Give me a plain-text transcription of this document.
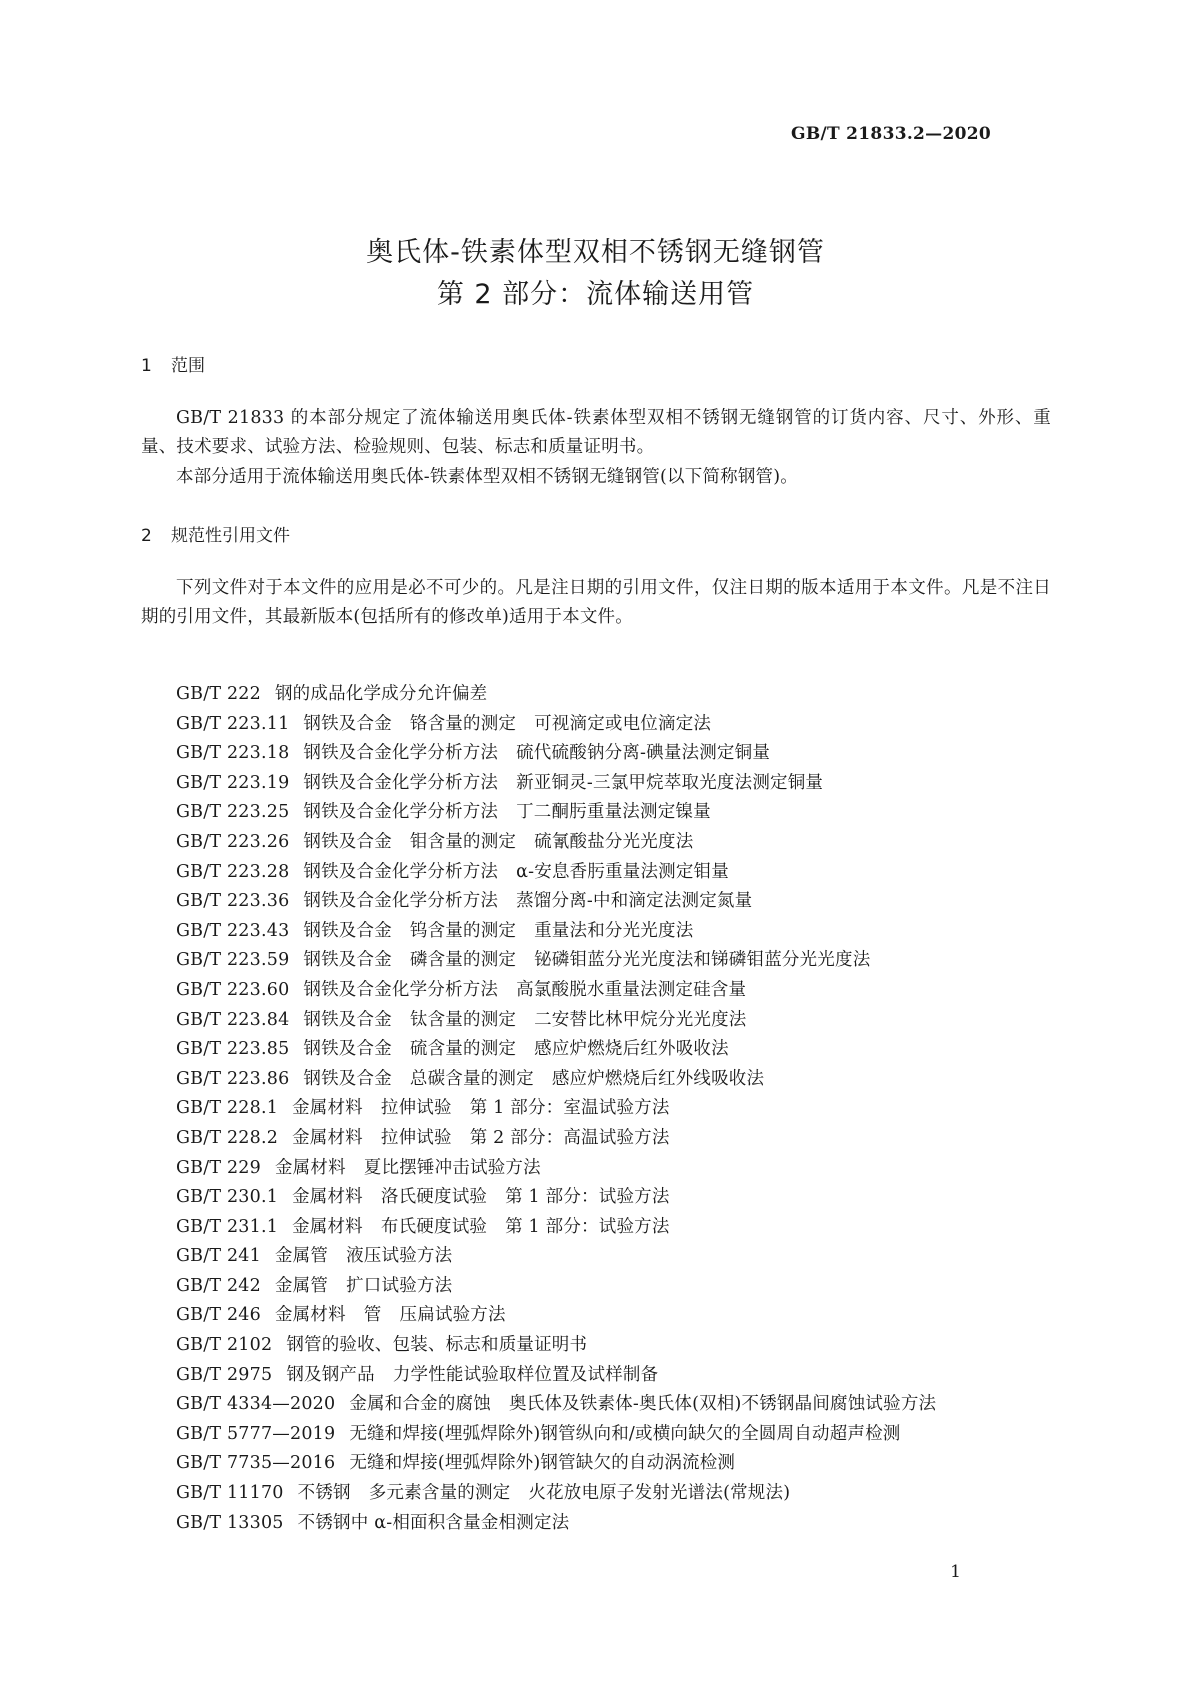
GB/T 21833.2—2020
奥氏体-铁素体型双相不锈钢无缝钢管
第 2 部分：流体输送用管
1 范围

GB/T 21833 的本部分规定了流体输送用奥氏体-铁素体型双相不锈钢无缝钢管的订货内容、尺寸、外形、重量、技术要求、试验方法、检验规则、包装、标志和质量证明书。

本部分适用于流体输送用奥氏体-铁素体型双相不锈钢无缝钢管(以下简称钢管)。

2 规范性引用文件

下列文件对于本文件的应用是必不可少的。凡是注日期的引用文件，仅注日期的版本适用于本文件。凡是不注日期的引用文件，其最新版本(包括所有的修改单)适用于本文件。

GB/T 222 钢的成品化学成分允许偏差
GB/T 223.11 钢铁及合金 铬含量的测定 可视滴定或电位滴定法
GB/T 223.18 钢铁及合金化学分析方法 硫代硫酸钠分离-碘量法测定铜量
GB/T 223.19 钢铁及合金化学分析方法 新亚铜灵-三氯甲烷萃取光度法测定铜量
GB/T 223.25 钢铁及合金化学分析方法 丁二酮肟重量法测定镍量
GB/T 223.26 钢铁及合金 钼含量的测定 硫氰酸盐分光光度法
GB/T 223.28 钢铁及合金化学分析方法 α-安息香肟重量法测定钼量
GB/T 223.36 钢铁及合金化学分析方法 蒸馏分离-中和滴定法测定氮量
GB/T 223.43 钢铁及合金 钨含量的测定 重量法和分光光度法
GB/T 223.59 钢铁及合金 磷含量的测定 铋磷钼蓝分光光度法和锑磷钼蓝分光光度法
GB/T 223.60 钢铁及合金化学分析方法 高氯酸脱水重量法测定硅含量
GB/T 223.84 钢铁及合金 钛含量的测定 二安替比林甲烷分光光度法
GB/T 223.85 钢铁及合金 硫含量的测定 感应炉燃烧后红外吸收法
GB/T 223.86 钢铁及合金 总碳含量的测定 感应炉燃烧后红外线吸收法
GB/T 228.1 金属材料 拉伸试验 第 1 部分：室温试验方法
GB/T 228.2 金属材料 拉伸试验 第 2 部分：高温试验方法
GB/T 229 金属材料 夏比摆锤冲击试验方法
GB/T 230.1 金属材料 洛氏硬度试验 第 1 部分：试验方法
GB/T 231.1 金属材料 布氏硬度试验 第 1 部分：试验方法
GB/T 241 金属管 液压试验方法
GB/T 242 金属管 扩口试验方法
GB/T 246 金属材料 管 压扁试验方法
GB/T 2102 钢管的验收、包装、标志和质量证明书
GB/T 2975 钢及钢产品 力学性能试验取样位置及试样制备
GB/T 4334—2020 金属和合金的腐蚀 奥氏体及铁素体-奥氏体(双相)不锈钢晶间腐蚀试验方法
GB/T 5777—2019 无缝和焊接(埋弧焊除外)钢管纵向和/或横向缺欠的全圆周自动超声检测
GB/T 7735—2016 无缝和焊接(埋弧焊除外)钢管缺欠的自动涡流检测
GB/T 11170 不锈钢 多元素含量的测定 火花放电原子发射光谱法(常规法)
GB/T 13305 不锈钢中 α-相面积含量金相测定法
1
